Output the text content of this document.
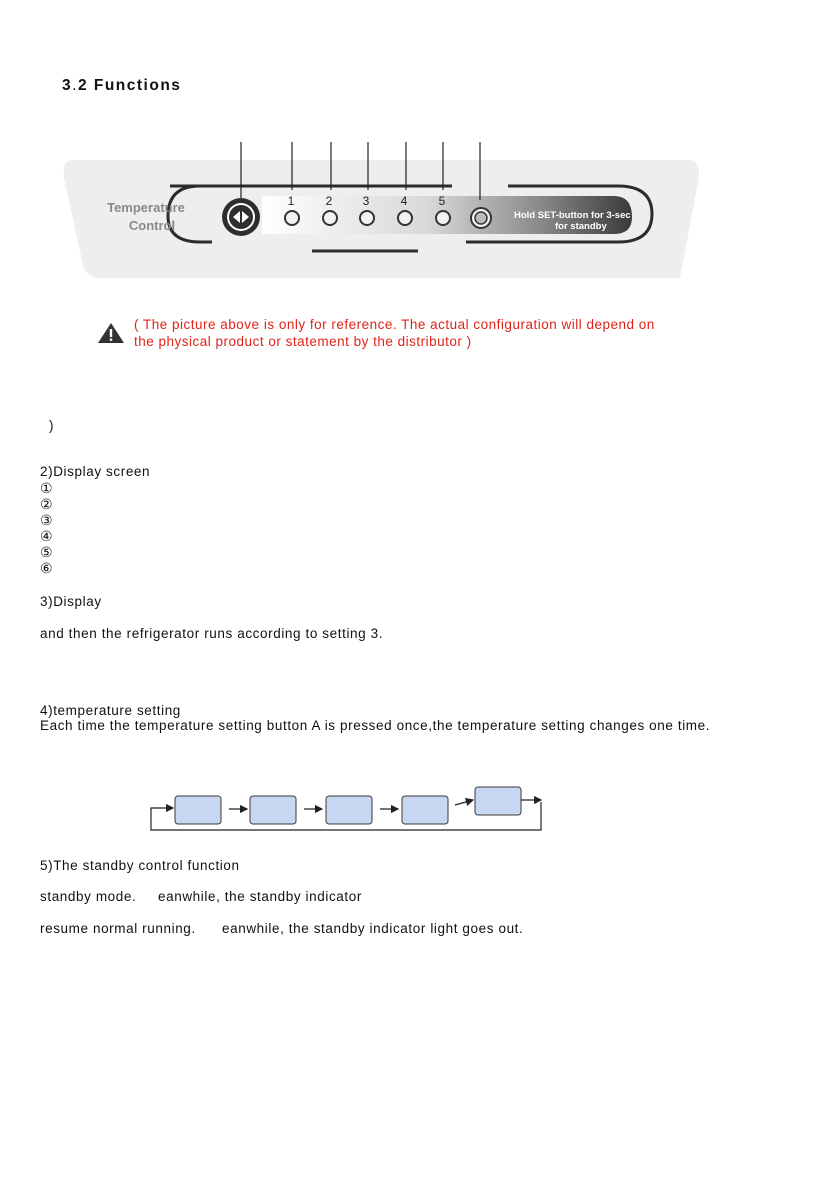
3.2 Functions
1	2	3	4	5
Temperature
Control
Hold SET-button for 3-sec
for standby
( The picture above is only for reference. The actual configuration will depend on
the physical product or statement by the distributor )
)
2)Display screen
①
②
③
④
⑤
⑥
3)Display
and then the refrigerator runs according to setting 3.
4)temperature setting
Each time the temperature setting button A is pressed once,the temperature setting changes one time.
5)The standby control function
standby mode. eanwhile, the standby indicator
resume normal running. eanwhile, the standby indicator light goes out.
